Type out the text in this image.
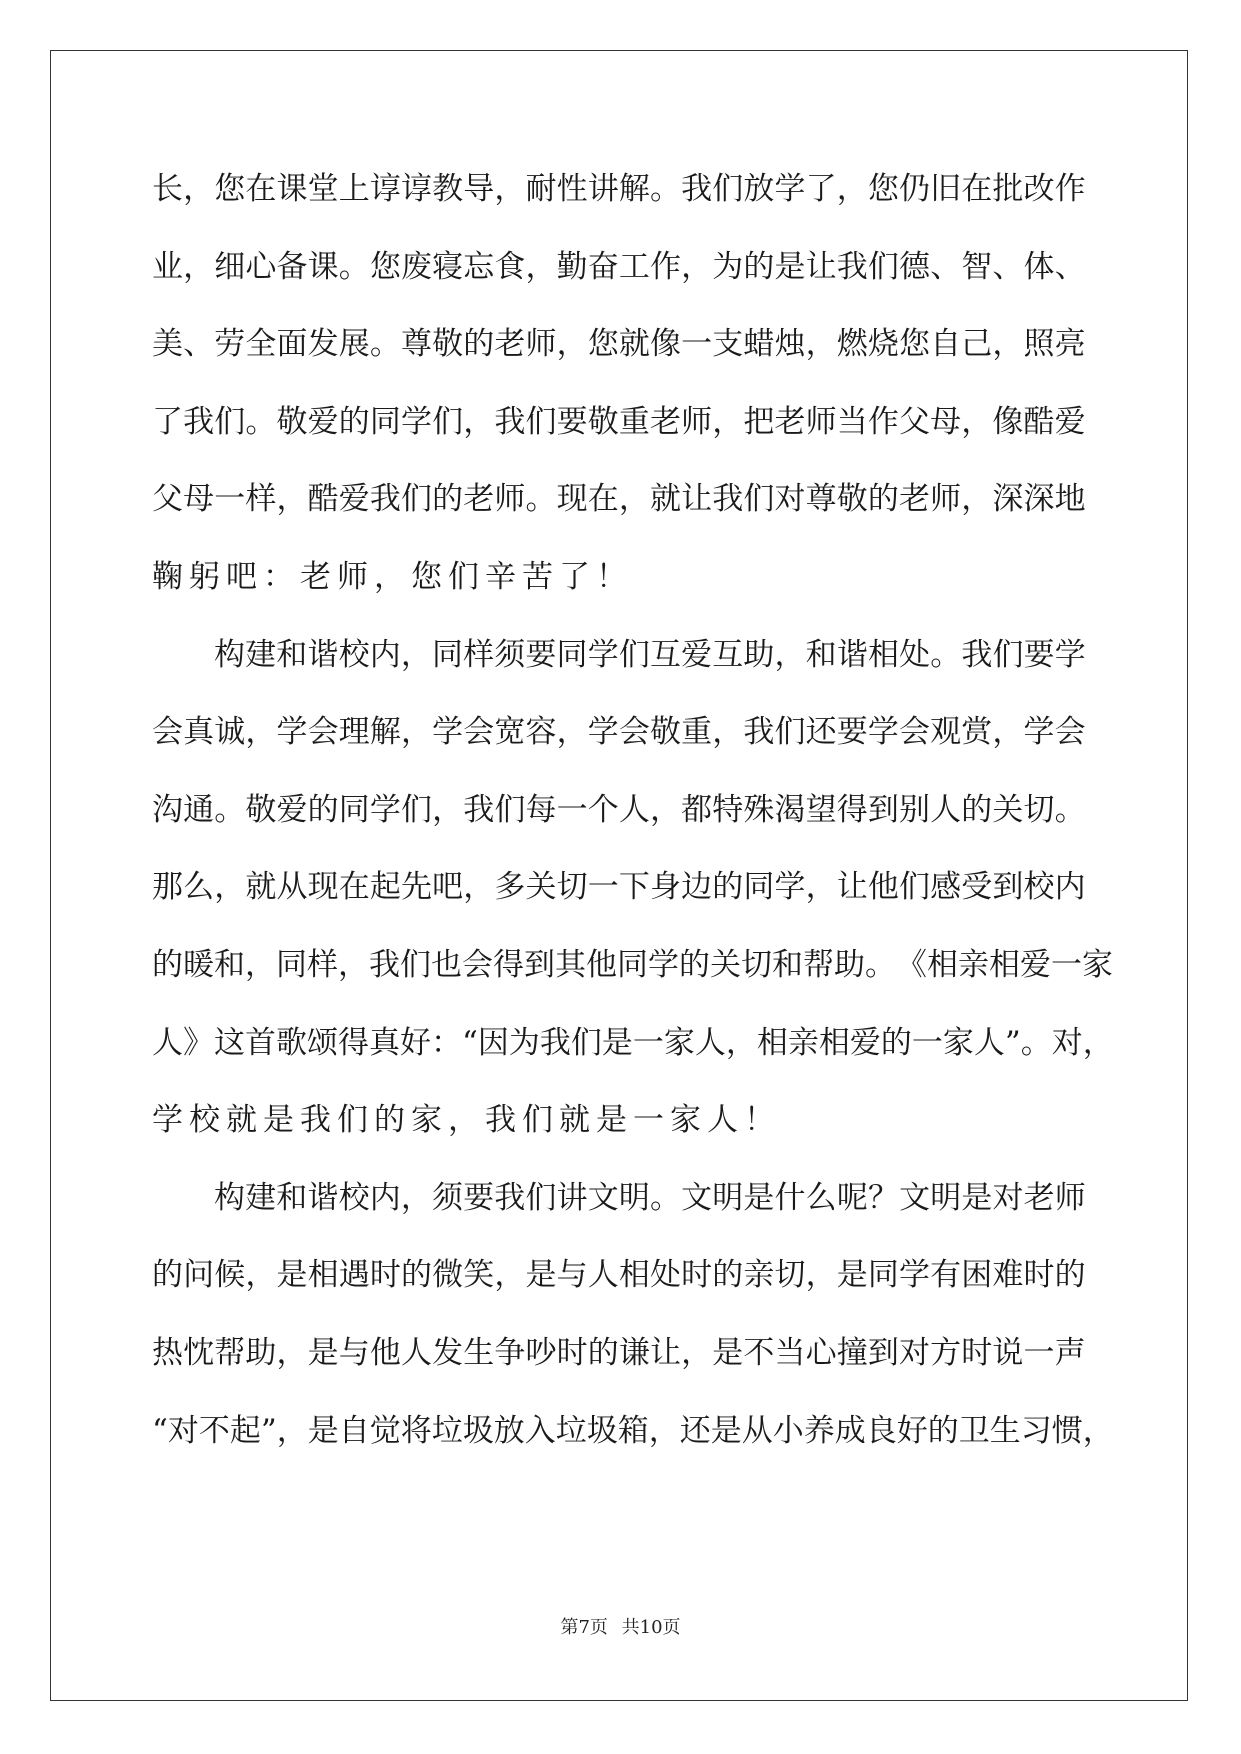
长 ， 您 在 课 堂 上 谆 谆 教 导 ， 耐 性 讲 解 。 我 们 放 学 了 ， 您 仍 旧 在 批 改 作
业 ， 细 心 备 课 。 您 废 寝 忘 食 ， 勤 奋 工 作 ， 为 的 是 让 我 们 德 、 智 、 体 、
美 、 劳 全 面 发 展 。 尊 敬 的 老 师 ， 您 就 像 一 支 蜡 烛 ， 燃 烧 您 自 己 ， 照 亮
了 我 们 。 敬 爱 的 同 学 们 ， 我 们 要 敬 重 老 师 ， 把 老 师 当 作 父 母 ， 像 酷 爱
父 母 一 样 ， 酷 爱 我 们 的 老 师 。 现 在 ， 就 让 我 们 对 尊 敬 的 老 师 ， 深 深 地
鞠躬吧：老师，您们辛苦了！
构 建 和 谐 校 内 ， 同 样 须 要 同 学 们 互 爱 互 助 ， 和 谐 相 处 。 我 们 要 学
会 真 诚 ， 学 会 理 解 ， 学 会 宽 容 ， 学 会 敬 重 ， 我 们 还 要 学 会 观 赏 ， 学 会
沟 通 。 敬 爱 的 同 学 们 ， 我 们 每 一 个 人 ， 都 特 殊 渴 望 得 到 别 人 的 关 切 。
那 么 ， 就 从 现 在 起 先 吧 ， 多 关 切 一 下 身 边 的 同 学 ， 让 他 们 感 受 到 校 内
的 暖 和 ， 同 样 ， 我 们 也 会 得 到 其 他 同 学 的 关 切 和 帮 助 。 《 相 亲 相 爱 一 家
人 》 这 首 歌 颂 得 真 好 ： “ 因 为 我 们 是 一 家 人 ， 相 亲 相 爱 的 一 家 人 ” 。 对 ，
学校就是我们的家，我们就是一家人！
构 建 和 谐 校 内 ， 须 要 我 们 讲 文 明 。 文 明 是 什 么 呢 ？ 文 明 是 对 老 师
的 问 候 ， 是 相 遇 时 的 微 笑 ， 是 与 人 相 处 时 的 亲 切 ， 是 同 学 有 困 难 时 的
热 忱 帮 助 ， 是 与 他 人 发 生 争 吵 时 的 谦 让 ， 是 不 当 心 撞 到 对 方 时 说 一 声
“ 对 不 起 ” ， 是 自 觉 将 垃 圾 放 入 垃 圾 箱 ， 还 是 从 小 养 成 良 好 的 卫 生 习 惯 ，
第7页 共10页
